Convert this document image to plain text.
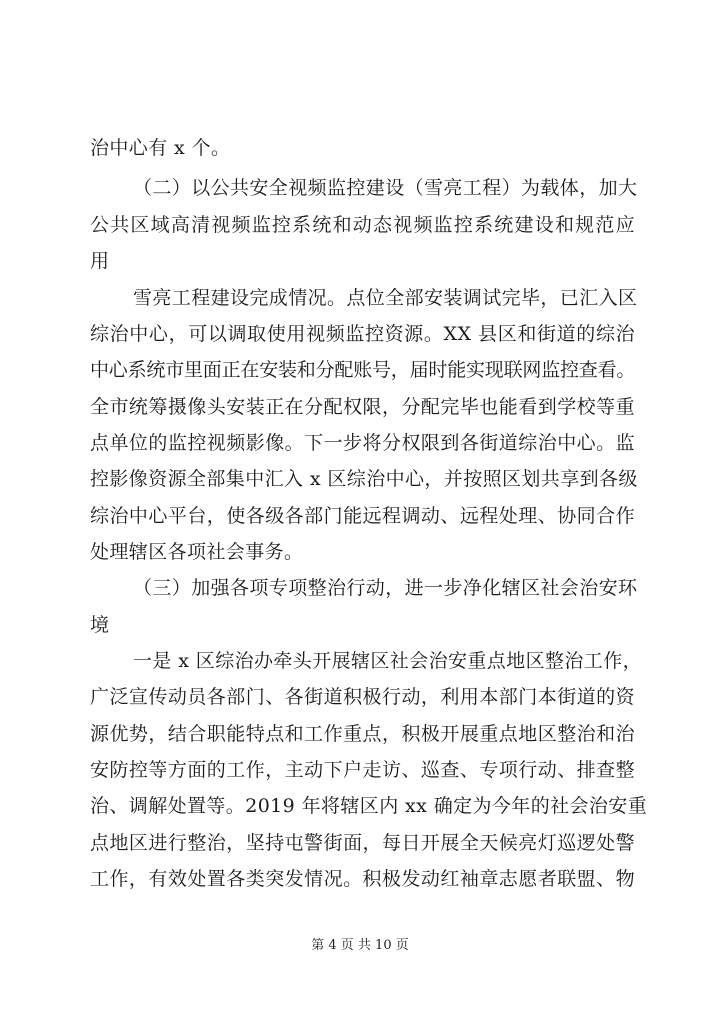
治中心有 x 个。
（二）以公共安全视频监控建设（雪亮工程）为载体，加大
公共区域高清视频监控系统和动态视频监控系统建设和规范应
用
雪亮工程建设完成情况。点位全部安装调试完毕，已汇入区
综治中心，可以调取使用视频监控资源。XX 县区和街道的综治
中心系统市里面正在安装和分配账号，届时能实现联网监控查看。
全市统筹摄像头安装正在分配权限，分配完毕也能看到学校等重
点单位的监控视频影像。下一步将分权限到各街道综治中心。监
控影像资源全部集中汇入 x 区综治中心，并按照区划共享到各级
综治中心平台，使各级各部门能远程调动、远程处理、协同合作
处理辖区各项社会事务。
（三）加强各项专项整治行动，进一步净化辖区社会治安环
境
一是 x 区综治办牵头开展辖区社会治安重点地区整治工作，
广泛宣传动员各部门、各街道积极行动，利用本部门本街道的资
源优势，结合职能特点和工作重点，积极开展重点地区整治和治
安防控等方面的工作，主动下户走访、巡查、专项行动、排查整
治、调解处置等。2019 年将辖区内 xx 确定为今年的社会治安重
点地区进行整治，坚持屯警街面，每日开展全天候亮灯巡逻处警
工作，有效处置各类突发情况。积极发动红袖章志愿者联盟、物
第 4 页 共 10 页
